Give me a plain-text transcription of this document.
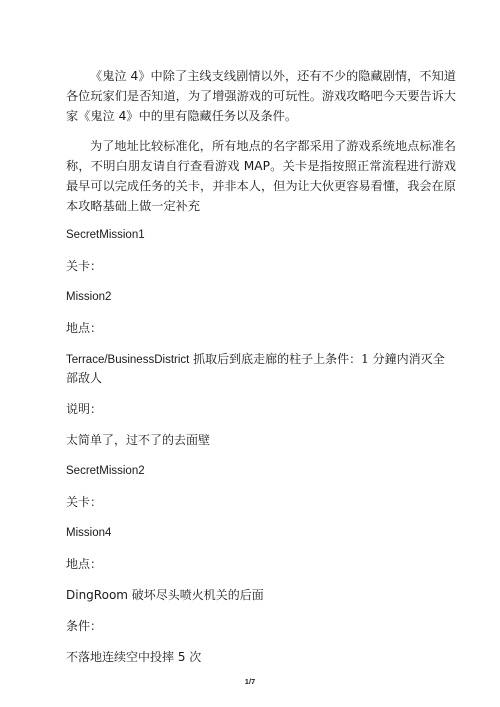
《鬼泣 4》中除了主线支线剧情以外，还有不少的隐藏剧情，不知道各位玩家们是否知道，为了增强游戏的可玩性。游戏攻略吧今天要告诉大家《鬼泣 4》中的里有隐藏任务以及条件。

为了地址比较标准化，所有地点的名字都采用了游戏系统地点标准名称，不明白朋友请自行查看游戏 MAP。关卡是指按照正常流程进行游戏最早可以完成任务的关卡，并非本人，但为让大伙更容易看懂，我会在原本攻略基础上做一定补充

SecretMission1
关卡：
Mission2
地点：
Terrace/BusinessDistrict 抓取后到底走廊的柱子上条件：1 分鐘内消灭全部敌人
说明：
太简单了，过不了的去面壁
SecretMission2
关卡：
Mission4
地点：
DingRoom 破坏尽头喷火机关的后面
条件：
不落地连续空中投摔 5 次
1/7
